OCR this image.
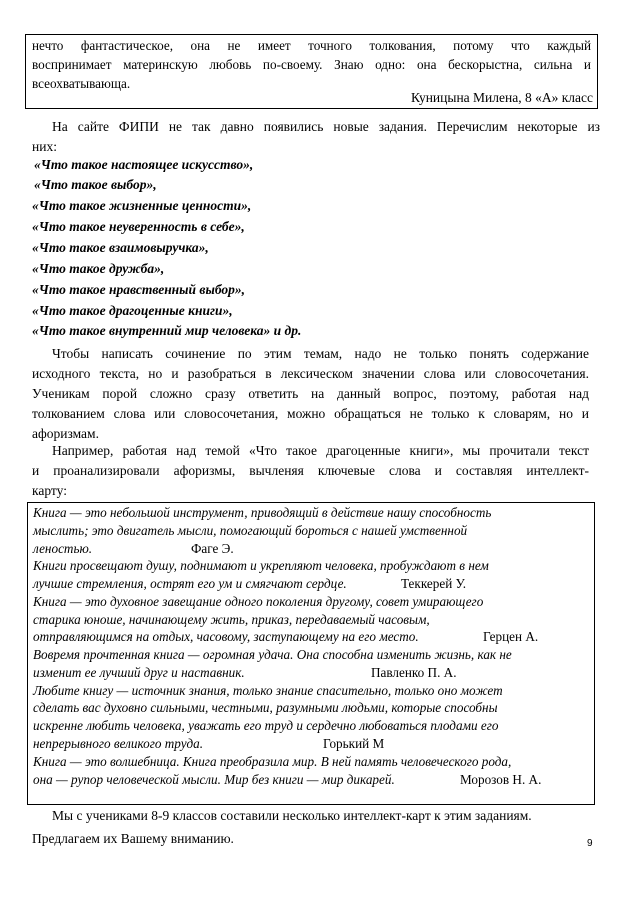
нечто фантастическое, она не имеет точного толкования, потому что каждый
воспринимает материнскую любовь по-своему. Знаю одно: она бескорыстна, сильна и
всеохватывающа.
Куницына Милена, 8 «А» класс
На сайте ФИПИ не так давно появились новые задания. Перечислим некоторые из
них:
«Что такое настоящее искусство»,
«Что такое выбор»,
«Что такое жизненные ценности»,
«Что такое неуверенность в себе»,
«Что такое взаимовыручка»,
«Что такое дружба»,
«Что такое нравственный выбор»,
«Что такое драгоценные книги»,
«Что такое внутренний мир человека» и др.
Чтобы написать сочинение по этим темам, надо не только понять содержание
исходного текста, но и разобраться в лексическом значении слова или словосочетания.
Ученикам порой сложно сразу ответить на данный вопрос, поэтому, работая над
толкованием слова или словосочетания, можно обращаться не только к словарям, но и
афоризмам.
Например, работая над темой «Что такое драгоценные книги», мы прочитали текст
и проанализировали афоризмы, вычленяя ключевые слова и составляя интеллект-
карту:
Книга — это небольшой инструмент, приводящий в действие нашу способность
мыслить; это двигатель мысли, помогающий бороться с нашей умственной
леностью.	Фаге Э.
Книги просвещают душу, поднимают и укрепляют человека, пробуждают в нем
лучшие стремления, острят его ум и смягчают сердце.	Теккерей У.
Книга — это духовное завещание одного поколения другому, совет умирающего
старика юноше, начинающему жить, приказ, передаваемый часовым,
отправляющимся на отдых, часовому, заступающему на его место.	Герцен А.
Вовремя прочтенная книга — огромная удача. Она способна изменить жизнь, как не
изменит ее лучший друг и наставник.	Павленко П. А.
Любите книгу — источник знания, только знание спасительно, только оно может
сделать вас духовно сильными, честными, разумными людьми, которые способны
искренне любить человека, уважать его труд и сердечно любоваться плодами его
непрерывного великого труда.	Горький М
Книга — это волшебница. Книга преобразила мир. В ней память человеческого рода,
она — рупор человеческой мысли. Мир без книги — мир дикарей.	Морозов Н. А.
Мы с учениками 8-9 классов составили несколько интеллект-карт к этим заданиям.
Предлагаем их Вашему вниманию.	9
